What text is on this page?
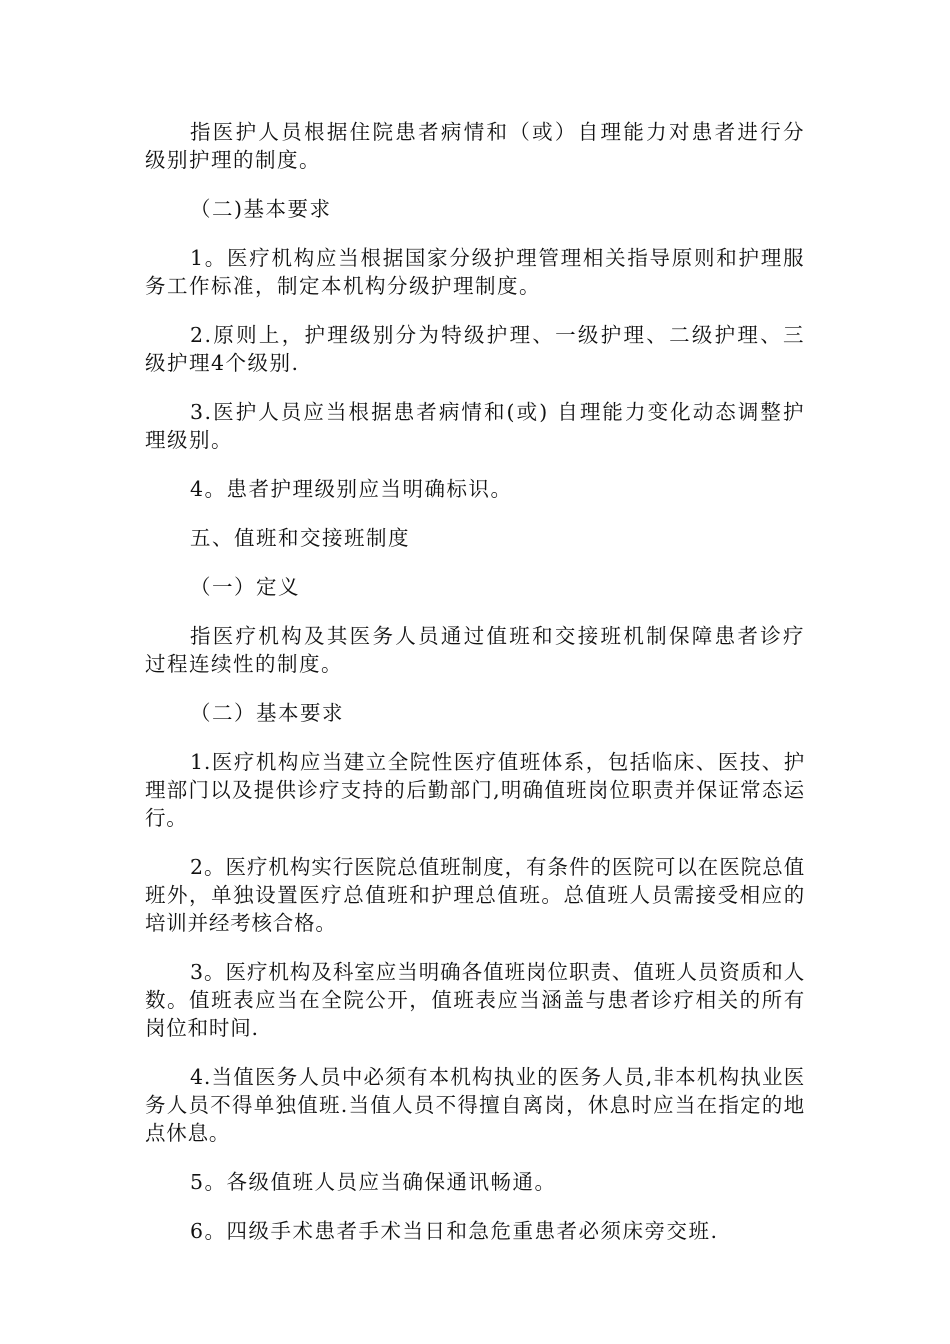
指医护人员根据住院患者病情和（或）自理能力对患者进行分级别护理的制度。

（二)基本要求

1。医疗机构应当根据国家分级护理管理相关指导原则和护理服务工作标准，制定本机构分级护理制度。

2.原则上，护理级别分为特级护理、一级护理、二级护理、三级护理4个级别.

3.医护人员应当根据患者病情和(或) 自理能力变化动态调整护理级别。

4。患者护理级别应当明确标识。

五、值班和交接班制度

（一）定义

指医疗机构及其医务人员通过值班和交接班机制保障患者诊疗过程连续性的制度。

（二）基本要求

1.医疗机构应当建立全院性医疗值班体系，包括临床、医技、护理部门以及提供诊疗支持的后勤部门,明确值班岗位职责并保证常态运行。

2。医疗机构实行医院总值班制度，有条件的医院可以在医院总值班外，单独设置医疗总值班和护理总值班。总值班人员需接受相应的培训并经考核合格。

3。医疗机构及科室应当明确各值班岗位职责、值班人员资质和人数。值班表应当在全院公开，值班表应当涵盖与患者诊疗相关的所有岗位和时间.

4.当值医务人员中必须有本机构执业的医务人员,非本机构执业医务人员不得单独值班.当值人员不得擅自离岗，休息时应当在指定的地点休息。

5。各级值班人员应当确保通讯畅通。

6。四级手术患者手术当日和急危重患者必须床旁交班.
